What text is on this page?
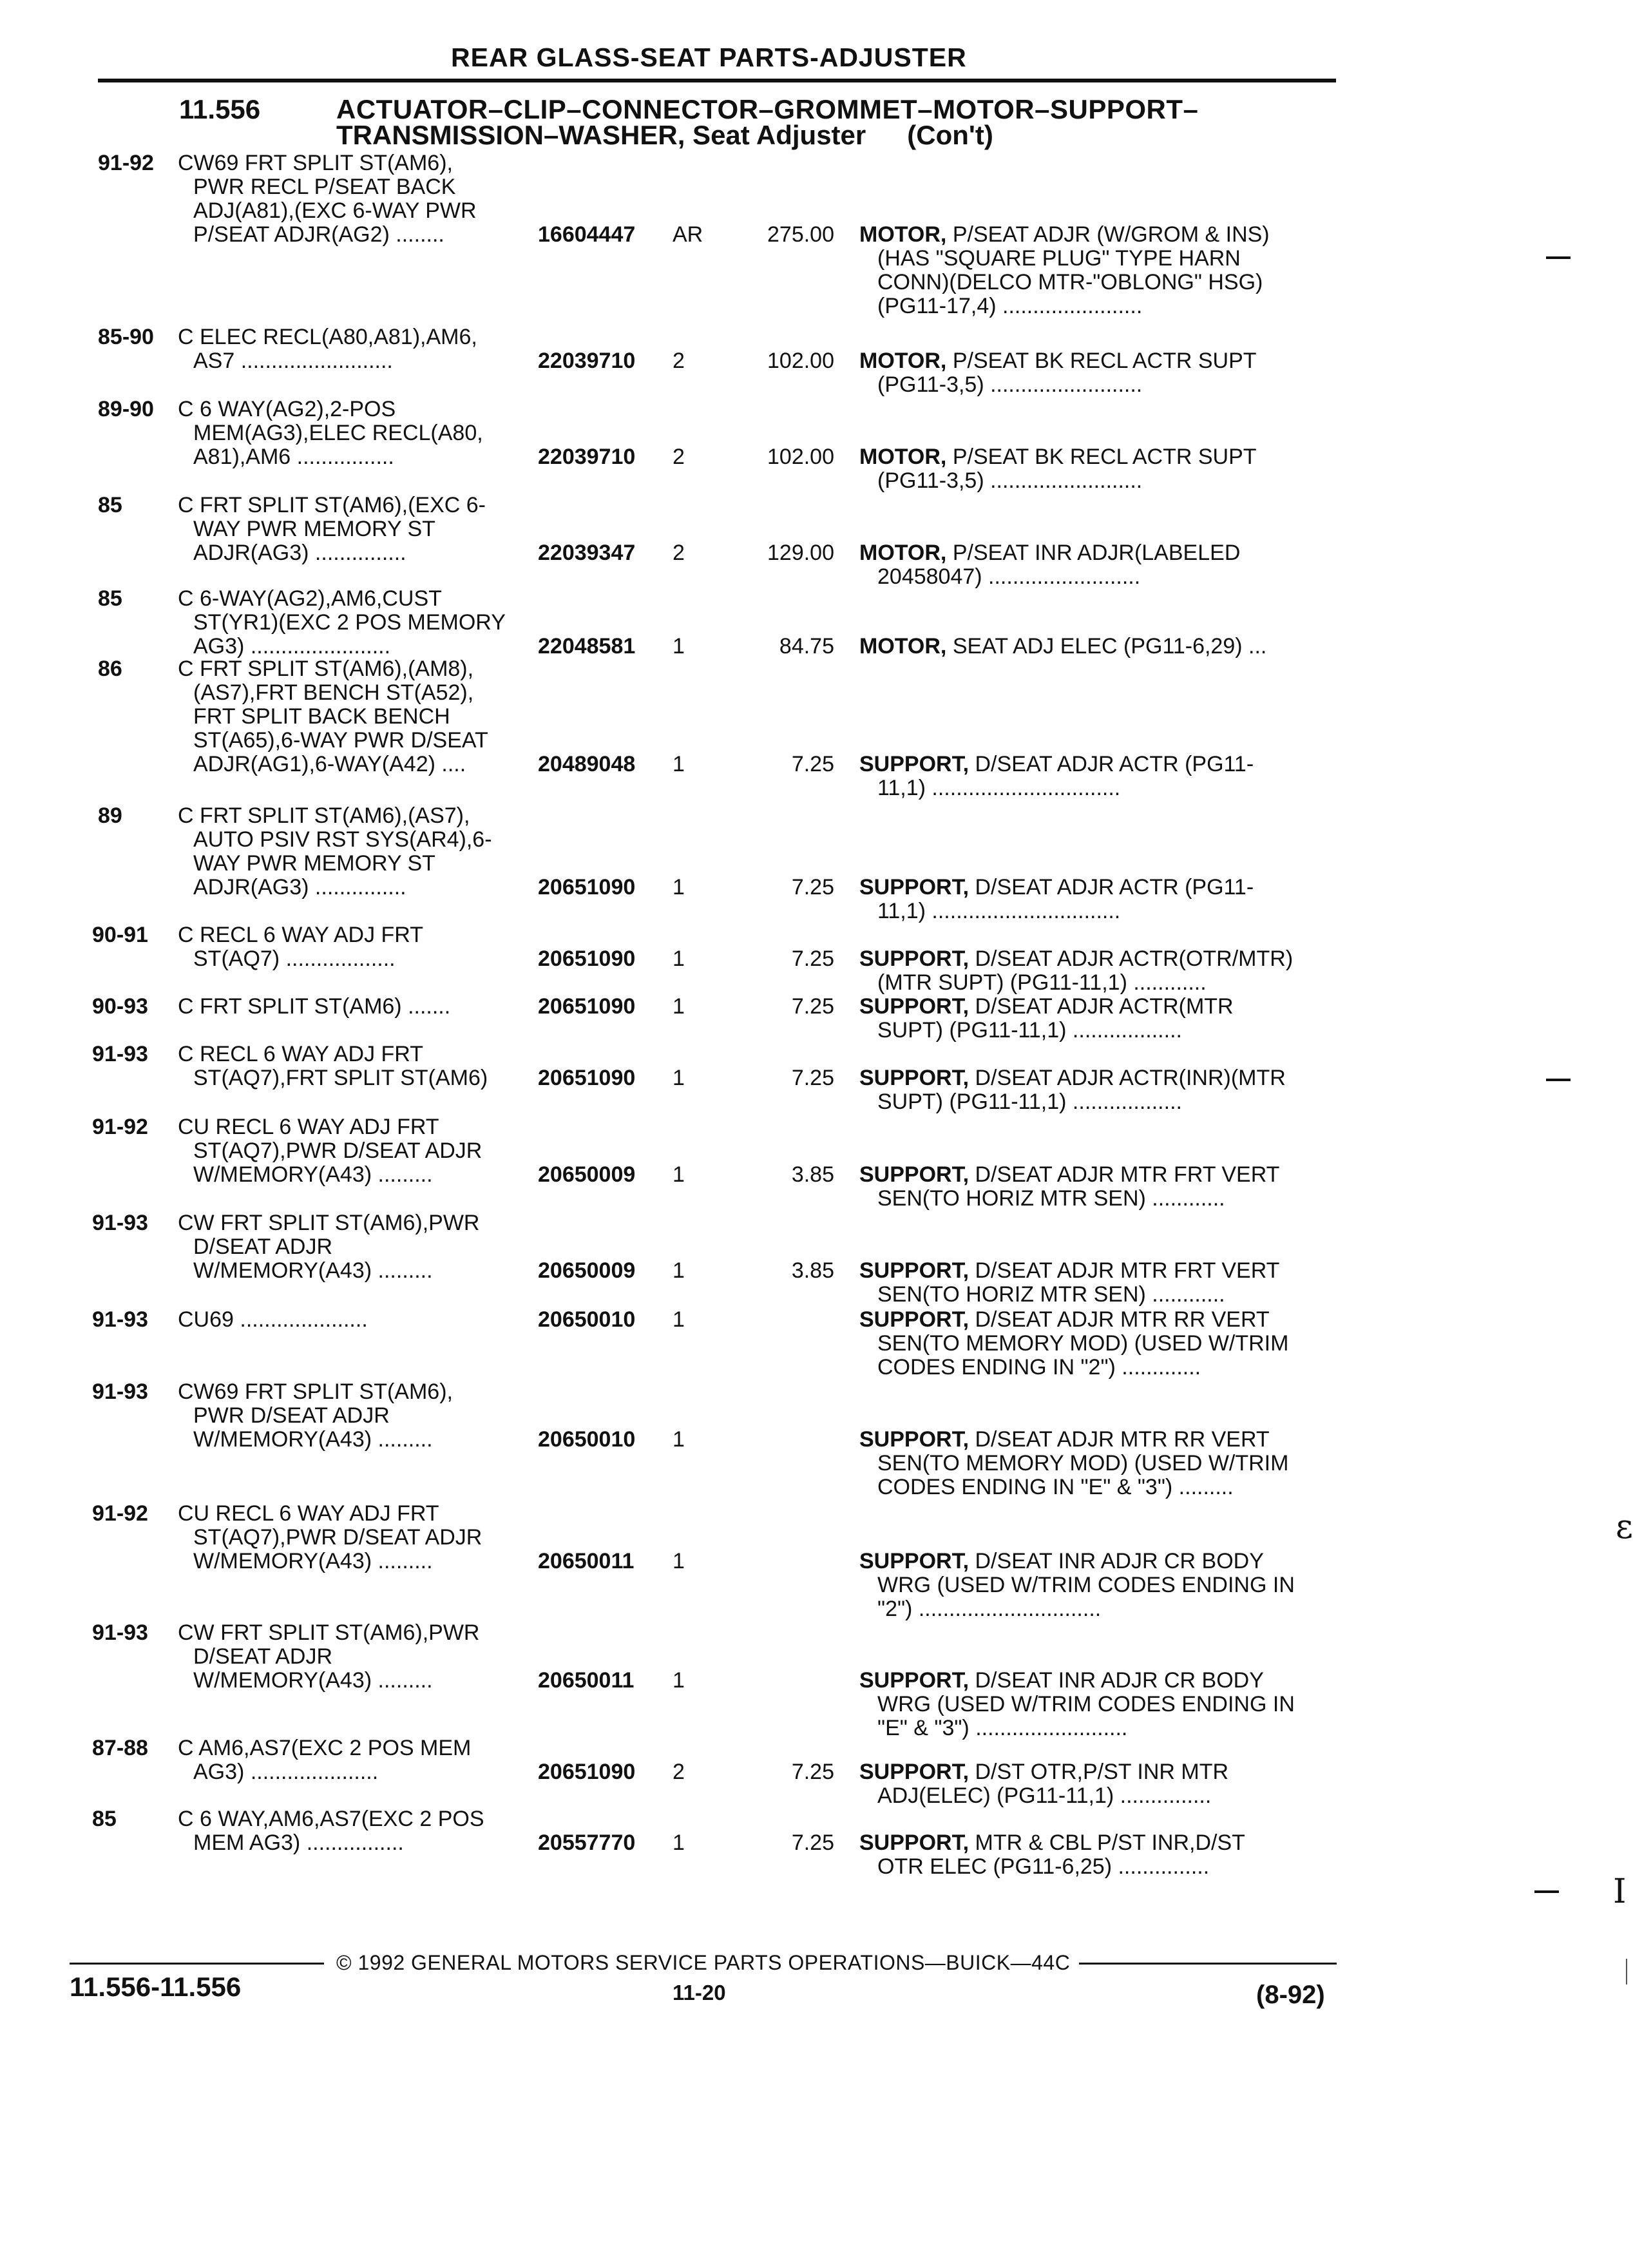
REAR GLASS-SEAT PARTS-ADJUSTER
11.556	ACTUATOR–CLIP–CONNECTOR–GROMMET–MOTOR–SUPPORT–
TRANSMISSION–WASHER, Seat Adjuster (Con't)
91-92 CW69 FRT SPLIT ST(AM6),
PWR RECL P/SEAT BACK
ADJ(A81),(EXC 6-WAY PWR
P/SEAT ADJR(AG2) ........	16604447	AR	275.00 MOTOR, P/SEAT ADJR (W/GROM & INS)
(HAS "SQUARE PLUG" TYPE HARN
CONN)(DELCO MTR-"OBLONG" HSG)
(PG11-17,4) .......................
85-90 C ELEC RECL(A80,A81),AM6,
AS7 .........................	22039710	2	102.00 MOTOR, P/SEAT BK RECL ACTR SUPT
(PG11-3,5) .........................
89-90 C 6 WAY(AG2),2-POS
MEM(AG3),ELEC RECL(A80,
A81),AM6 ................	22039710	2	102.00 MOTOR, P/SEAT BK RECL ACTR SUPT
(PG11-3,5) .........................
85	C FRT SPLIT ST(AM6),(EXC 6-
WAY PWR MEMORY ST
ADJR(AG3) ...............	22039347	2	129.00 MOTOR, P/SEAT INR ADJR(LABELED
20458047) .........................
85	C 6-WAY(AG2),AM6,CUST
ST(YR1)(EXC 2 POS MEMORY
AG3) .......................	22048581	1	84.75 MOTOR, SEAT ADJ ELEC (PG11-6,29) ...
86	C FRT SPLIT ST(AM6),(AM8),
(AS7),FRT BENCH ST(A52),
FRT SPLIT BACK BENCH
ST(A65),6-WAY PWR D/SEAT
ADJR(AG1),6-WAY(A42) ....	20489048	1	7.25 SUPPORT, D/SEAT ADJR ACTR (PG11-
11,1) ...............................
89	C FRT SPLIT ST(AM6),(AS7),
AUTO PSIV RST SYS(AR4),6-
WAY PWR MEMORY ST
ADJR(AG3) ...............	20651090	1	7.25 SUPPORT, D/SEAT ADJR ACTR (PG11-
11,1) ...............................
90-91 C RECL 6 WAY ADJ FRT
ST(AQ7) ..................	20651090	1	7.25 SUPPORT, D/SEAT ADJR ACTR(OTR/MTR)
(MTR SUPT) (PG11-11,1) ............
90-93 C FRT SPLIT ST(AM6) .......	20651090	1	7.25 SUPPORT, D/SEAT ADJR ACTR(MTR
SUPT) (PG11-11,1) ..................
91-93 C RECL 6 WAY ADJ FRT
ST(AQ7),FRT SPLIT ST(AM6)	20651090	1	7.25 SUPPORT, D/SEAT ADJR ACTR(INR)(MTR
SUPT) (PG11-11,1) ..................
91-92 CU RECL 6 WAY ADJ FRT
ST(AQ7),PWR D/SEAT ADJR
W/MEMORY(A43) .........	20650009	1	3.85 SUPPORT, D/SEAT ADJR MTR FRT VERT
SEN(TO HORIZ MTR SEN) ............
91-93 CW FRT SPLIT ST(AM6),PWR
D/SEAT ADJR
W/MEMORY(A43) .........	20650009	1	3.85 SUPPORT, D/SEAT ADJR MTR FRT VERT
SEN(TO HORIZ MTR SEN) ............
91-93 CU69 .....................	20650010	1	SUPPORT, D/SEAT ADJR MTR RR VERT
SEN(TO MEMORY MOD) (USED W/TRIM
CODES ENDING IN "2") .............
91-93 CW69 FRT SPLIT ST(AM6),
PWR D/SEAT ADJR
W/MEMORY(A43) .........	20650010	1	SUPPORT, D/SEAT ADJR MTR RR VERT
SEN(TO MEMORY MOD) (USED W/TRIM
CODES ENDING IN "E" & "3") .........
91-92 CU RECL 6 WAY ADJ FRT
ST(AQ7),PWR D/SEAT ADJR
W/MEMORY(A43) .........	20650011	1	SUPPORT, D/SEAT INR ADJR CR BODY
WRG (USED W/TRIM CODES ENDING IN
"2") ..............................
91-93 CW FRT SPLIT ST(AM6),PWR
D/SEAT ADJR
W/MEMORY(A43) .........	20650011	1	SUPPORT, D/SEAT INR ADJR CR BODY
WRG (USED W/TRIM CODES ENDING IN
"E" & "3") .........................
87-88 C AM6,AS7(EXC 2 POS MEM
AG3) .....................	20651090	2	7.25 SUPPORT, D/ST OTR,P/ST INR MTR
ADJ(ELEC) (PG11-11,1) ...............
85	C 6 WAY,AM6,AS7(EXC 2 POS
MEM AG3) ................	20557770	1	7.25 SUPPORT, MTR & CBL P/ST INR,D/ST
OTR ELEC (PG11-6,25) ...............
ε
I
© 1992 GENERAL MOTORS SERVICE PARTS OPERATIONS—BUICK—44C
11.556-11.556	11-20	(8-92)
